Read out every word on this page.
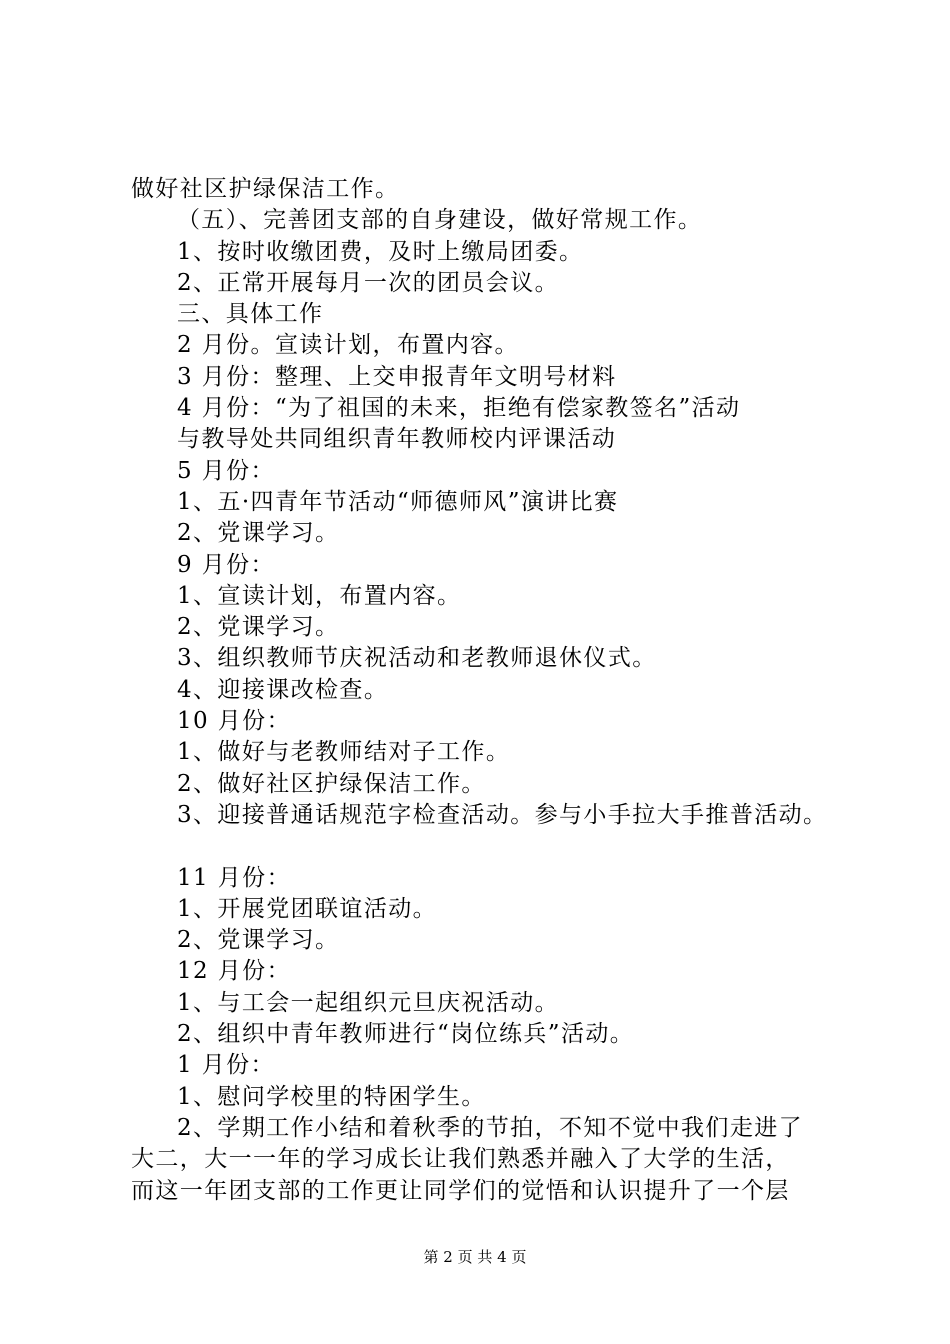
做好社区护绿保洁工作。
（五）、完善团支部的自身建设，做好常规工作。
1、按时收缴团费，及时上缴局团委。
2、正常开展每月一次的团员会议。
三、具体工作
2 月份。宣读计划，布置内容。
3 月份：整理、上交申报青年文明号材料
4 月份：“为了祖国的未来，拒绝有偿家教签名”活动
与教导处共同组织青年教师校内评课活动
5 月份：
1、五·四青年节活动“师德师风”演讲比赛
2、党课学习。
9 月份：
1、宣读计划，布置内容。
2、党课学习。
3、组织教师节庆祝活动和老教师退休仪式。
4、迎接课改检查。
10 月份：
1、做好与老教师结对子工作。
2、做好社区护绿保洁工作。
3、迎接普通话规范字检查活动。参与小手拉大手推普活动。
11 月份：
1、开展党团联谊活动。
2、党课学习。
12 月份：
1、与工会一起组织元旦庆祝活动。
2、组织中青年教师进行“岗位练兵”活动。
1 月份：
1、慰问学校里的特困学生。
2、学期工作小结和着秋季的节拍，不知不觉中我们走进了
大二，大一一年的学习成长让我们熟悉并融入了大学的生活，
而这一年团支部的工作更让同学们的觉悟和认识提升了一个层
第 2 页 共 4 页
